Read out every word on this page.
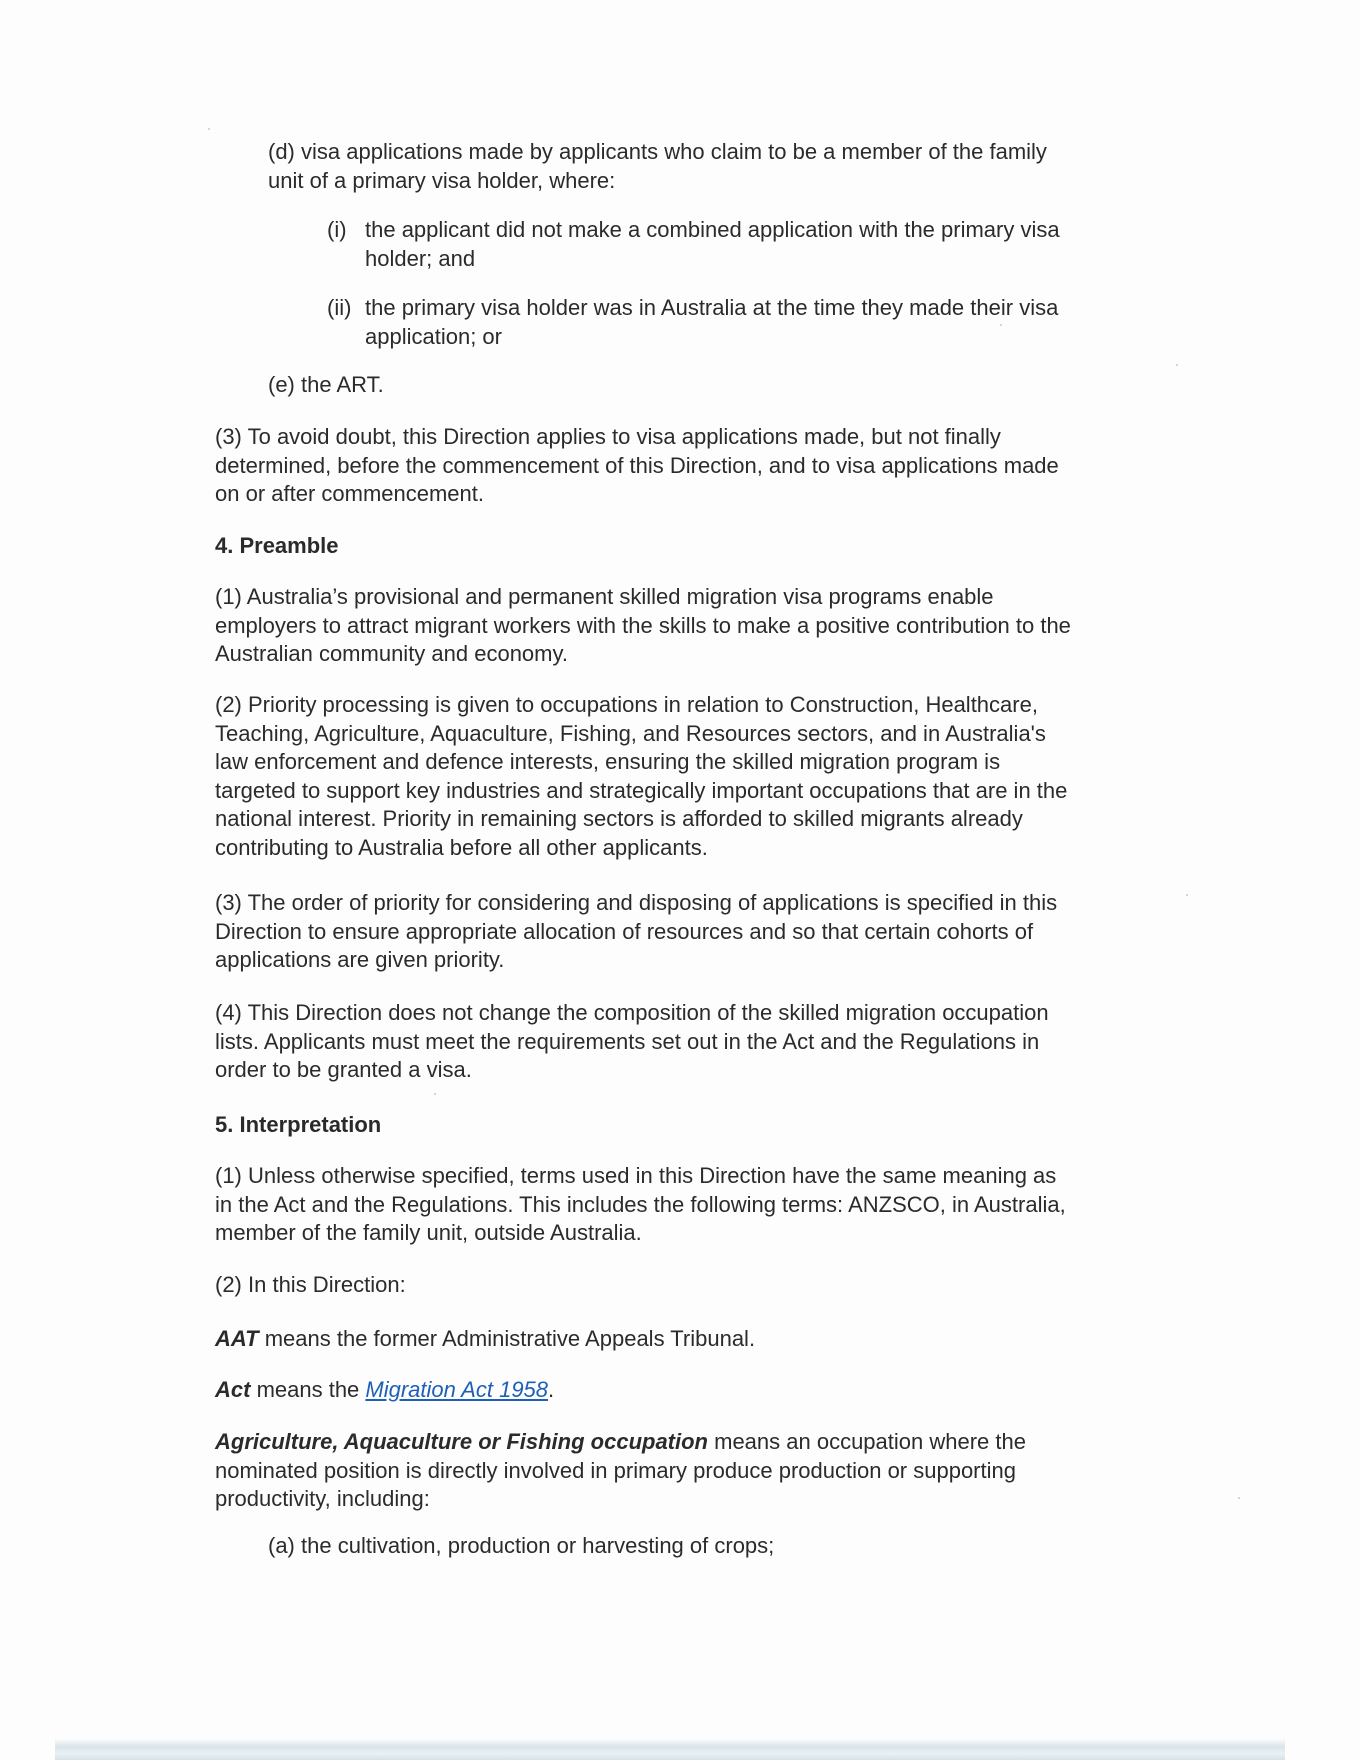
(d) visa applications made by applicants who claim to be a member of the family
unit of a primary visa holder, where:

(i) the applicant did not make a combined application with the primary visa
holder; and

(ii) the primary visa holder was in Australia at the time they made their visa
application; or

(e) the ART.

(3) To avoid doubt, this Direction applies to visa applications made, but not finally
determined, before the commencement of this Direction, and to visa applications made
on or after commencement.

4. Preamble

(1) Australia’s provisional and permanent skilled migration visa programs enable
employers to attract migrant workers with the skills to make a positive contribution to the
Australian community and economy.

(2) Priority processing is given to occupations in relation to Construction, Healthcare,
Teaching, Agriculture, Aquaculture, Fishing, and Resources sectors, and in Australia's
law enforcement and defence interests, ensuring the skilled migration program is
targeted to support key industries and strategically important occupations that are in the
national interest. Priority in remaining sectors is afforded to skilled migrants already
contributing to Australia before all other applicants.

(3) The order of priority for considering and disposing of applications is specified in this
Direction to ensure appropriate allocation of resources and so that certain cohorts of
applications are given priority.

(4) This Direction does not change the composition of the skilled migration occupation
lists. Applicants must meet the requirements set out in the Act and the Regulations in
order to be granted a visa.

5. Interpretation

(1) Unless otherwise specified, terms used in this Direction have the same meaning as
in the Act and the Regulations. This includes the following terms: ANZSCO, in Australia,
member of the family unit, outside Australia.

(2) In this Direction:

AAT means the former Administrative Appeals Tribunal.

Act means the Migration Act 1958.

Agriculture, Aquaculture or Fishing occupation means an occupation where the
nominated position is directly involved in primary produce production or supporting
productivity, including:

(a) the cultivation, production or harvesting of crops;
